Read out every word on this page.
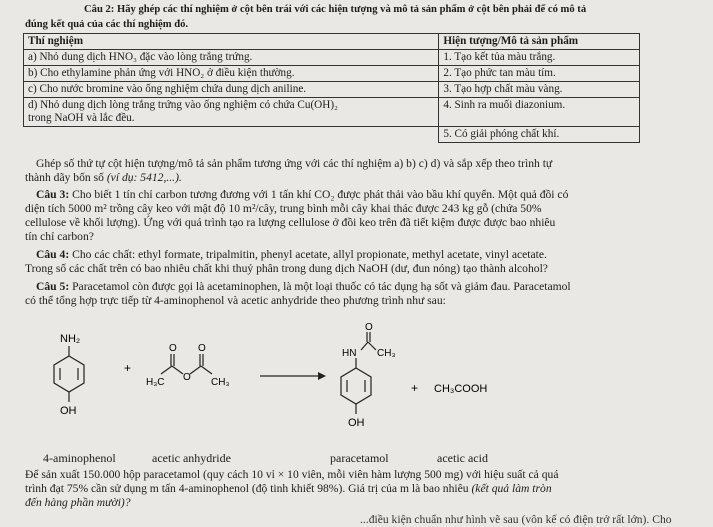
Câu 2: Hãy ghép các thí nghiệm ở cột bên trái với các hiện tượng và mô tả sản phẩm ở cột bên phải để có mô tả
đúng kết quả của các thí nghiệm đó.
Thí nghiệm	Hiện tượng/Mô tả sản phẩm
a) Nhỏ dung dịch HNO₃ đặc vào lòng trắng trứng.	1. Tạo kết tủa màu trắng.
b) Cho ethylamine phản ứng với HNO₂ ở điều kiện thường.	2. Tạo phức tan màu tím.
c) Cho nước bromine vào ống nghiệm chứa dung dịch aniline.	3. Tạo hợp chất màu vàng.
d) Nhỏ dung dịch lòng trắng trứng vào ống nghiệm có chứa Cu(OH)₂
trong NaOH và lắc đều.	4. Sinh ra muối diazonium.
	5. Có giải phóng chất khí.
Ghép số thứ tự cột hiện tượng/mô tả sản phẩm tương ứng với các thí nghiệm a) b) c) d) và sắp xếp theo trình tự
thành dãy bốn số (ví dụ: 5412,...).
Câu 3: Cho biết 1 tín chỉ carbon tương đương với 1 tấn khí CO₂ được phát thải vào bầu khí quyển. Một quả đồi có
diện tích 5000 m² trồng cây keo với mật độ 10 m²/cây, trung bình mỗi cây khai thác được 243 kg gỗ (chứa 50%
cellulose về khối lượng). Ứng với quá trình tạo ra lượng cellulose ở đồi keo trên đã tiết kiệm được được bao nhiêu
tín chỉ carbon?
Câu 4: Cho các chất: ethyl formate, tripalmitin, phenyl acetate, allyl propionate, methyl acetate, vinyl acetate.
Trong số các chất trên có bao nhiêu chất khi thuỷ phân trong dung dịch NaOH (dư, đun nóng) tạo thành alcohol?
Câu 5: Paracetamol còn được gọi là acetaminophen, là một loại thuốc có tác dụng hạ sốt và giảm đau. Paracetamol
có thể tổng hợp trực tiếp từ 4-aminophenol và acetic anhydride theo phương trình như sau:
NH₂
OH
+
H₃C
O O
O CH₃
O
HN CH₃
OH
+ CH₃COOH
4-aminophenol	acetic anhydride	paracetamol	acetic acid
Để sản xuất 150.000 hộp paracetamol (quy cách 10 vỉ × 10 viên, mỗi viên hàm lượng 500 mg) với hiệu suất cả quá
trình đạt 75% cần sử dụng m tấn 4-aminophenol (độ tinh khiết 98%). Giá trị của m là bao nhiêu (kết quả làm tròn
đến hàng phần mười)?
...điều kiện chuẩn như hình vẽ sau (vôn kế có điện trở rất lớn). Cho
